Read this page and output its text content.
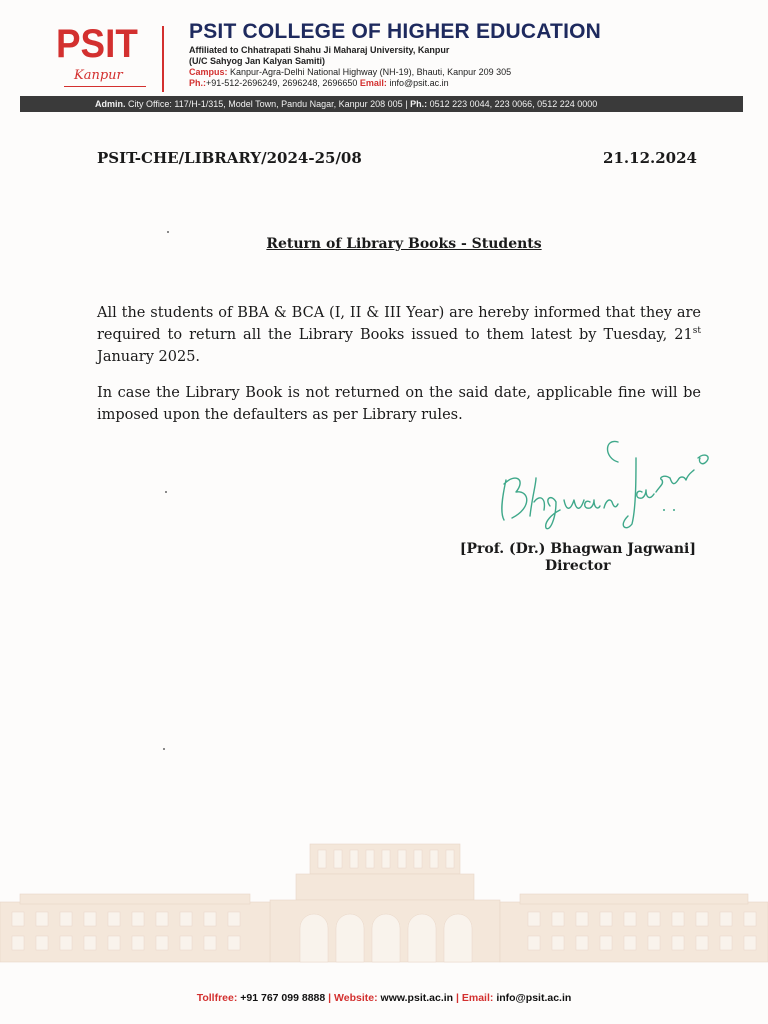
PSIT
Kanpur
PSIT COLLEGE OF HIGHER EDUCATION
Affiliated to Chhatrapati Shahu Ji Maharaj University, Kanpur
(U/C Sahyog Jan Kalyan Samiti)
Campus: Kanpur-Agra-Delhi National Highway (NH-19), Bhauti, Kanpur 209 305
Ph.:+91-512-2696249, 2696248, 2696650 Email: info@psit.ac.in
Admin. City Office: 117/H-1/315, Model Town, Pandu Nagar, Kanpur 208 005 | Ph.: 0512 223 0044, 223 0066, 0512 224 0000
PSIT-CHE/LIBRARY/2024-25/08	21.12.2024
Return of Library Books - Students

All the students of BBA & BCA (I, II & III Year) are hereby informed that they are required to return all the Library Books issued to them latest by Tuesday, 21st January 2025.

In case the Library Book is not returned on the said date, applicable fine will be imposed upon the defaulters as per Library rules.

[Prof. (Dr.) Bhagwan Jagwani]
Director
Tollfree: +91 767 099 8888 | Website: www.psit.ac.in | Email: info@psit.ac.in
